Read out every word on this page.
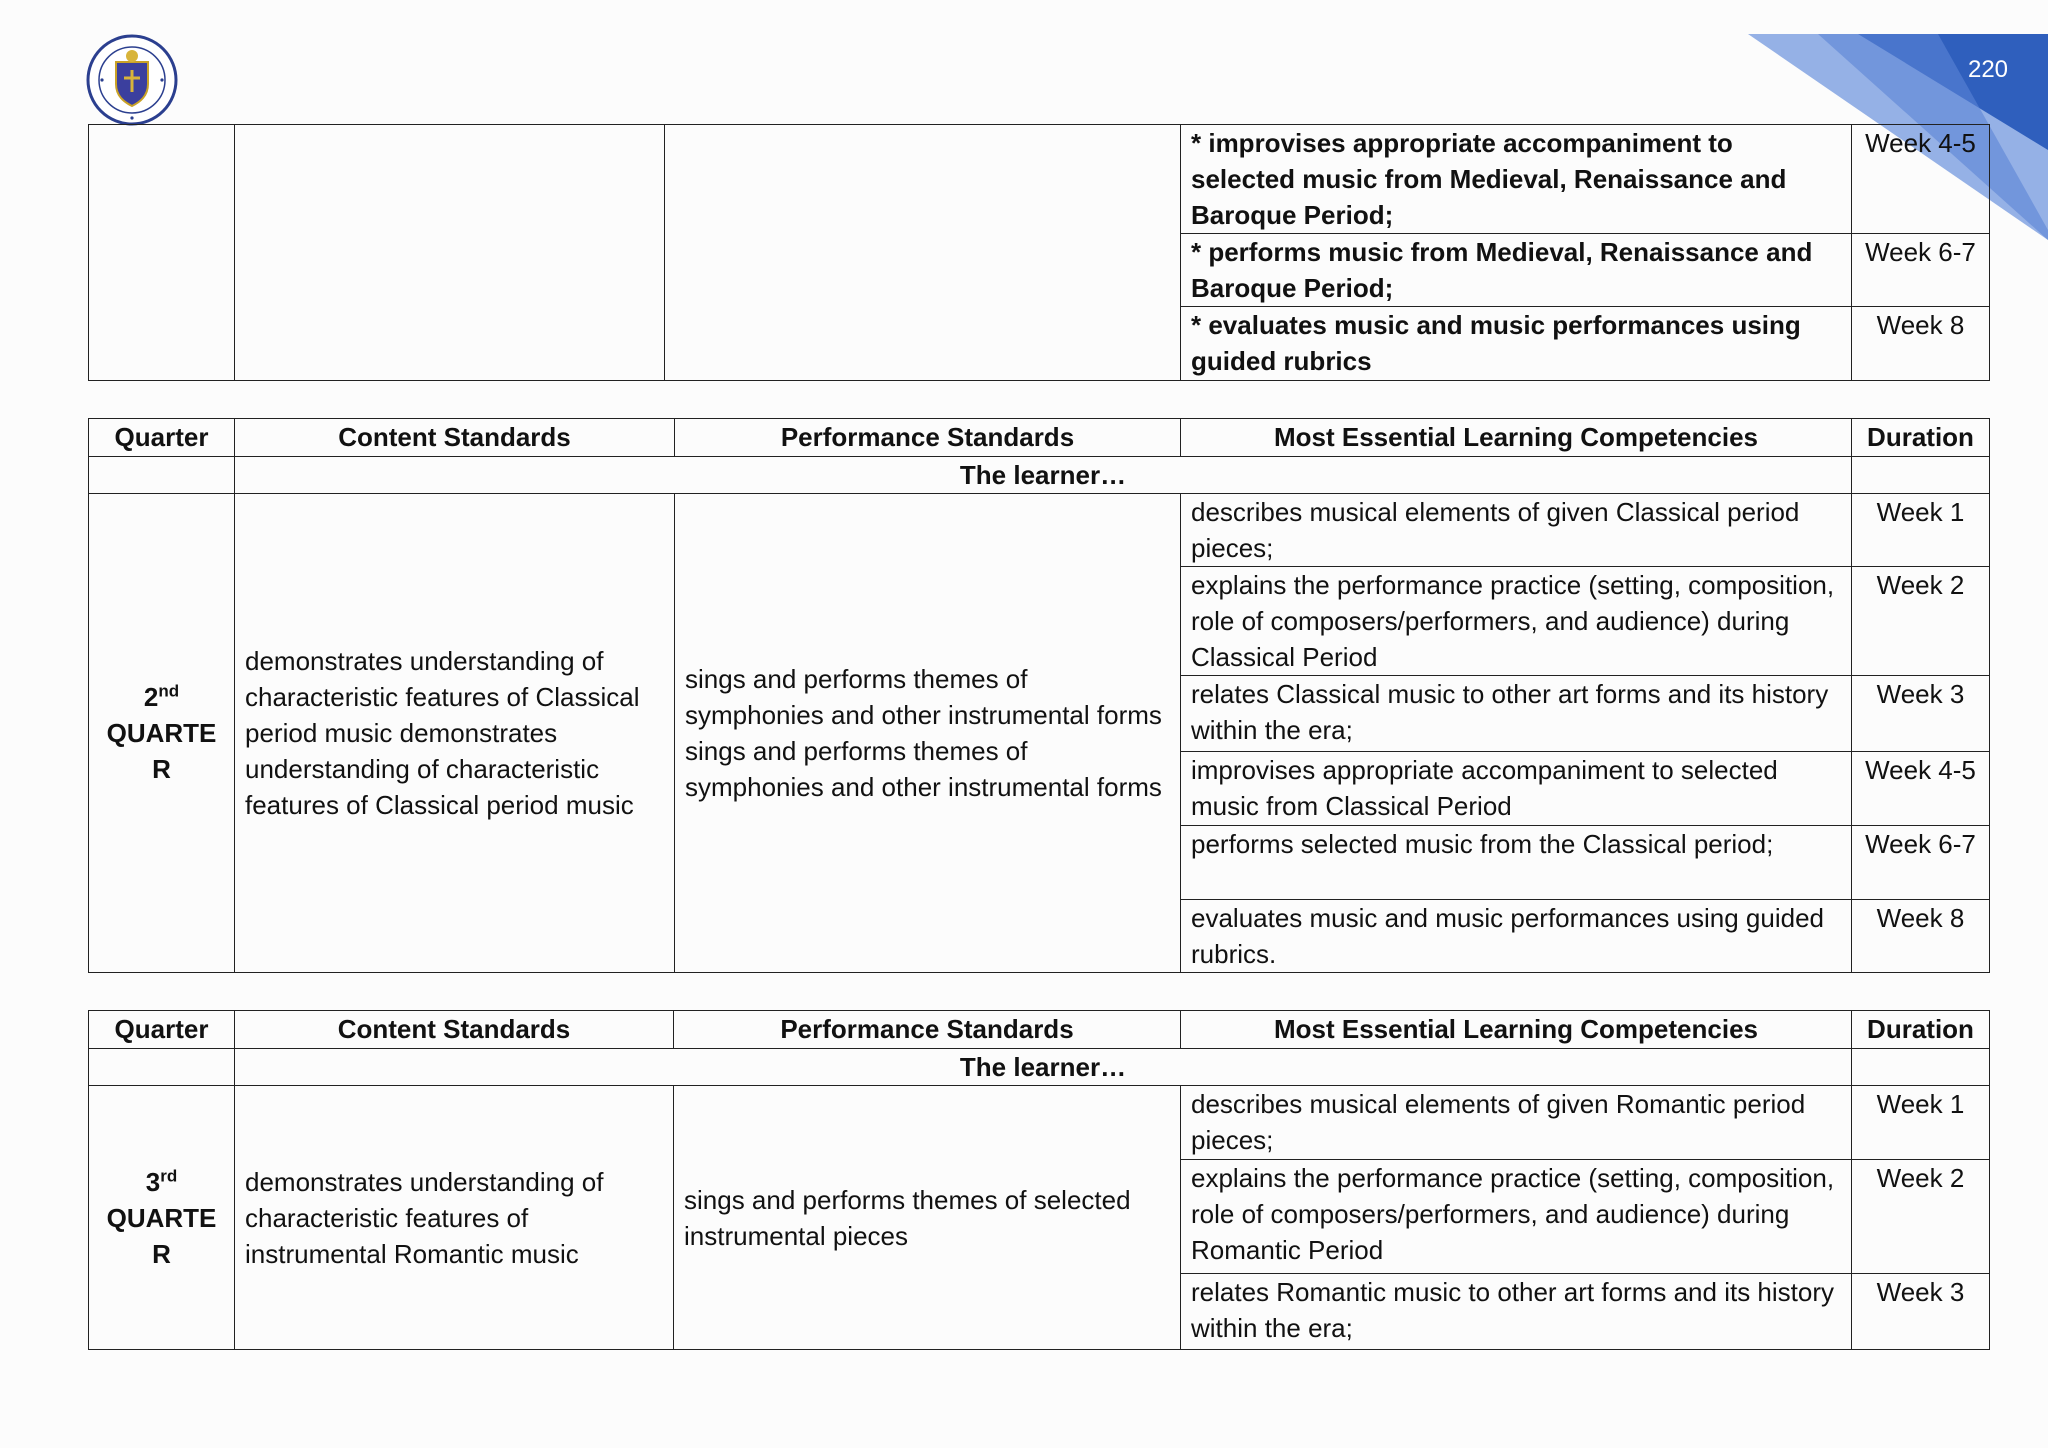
220
			* improvises appropriate accompaniment to selected music from Medieval, Renaissance and Baroque Period;	Week 4-5
			* performs music from Medieval, Renaissance and Baroque Period;	Week 6-7
			* evaluates music and music performances using guided rubrics	Week 8
Quarter	Content Standards	Performance Standards	Most Essential Learning Competencies	Duration
	The learner…			
2nd
QUARTER	demonstrates understanding of characteristic features of Classical period music demonstrates understanding of characteristic features of Classical period music	sings and performs themes of symphonies and other instrumental forms sings and performs themes of symphonies and other instrumental forms	describes musical elements of given Classical period pieces;	Week 1
			explains the performance practice (setting, composition, role of composers/performers, and audience) during Classical Period	Week 2
			relates Classical music to other art forms and its history within the era;	Week 3
			improvises appropriate accompaniment to selected music from Classical Period	Week 4-5
			performs selected music from the Classical period;	Week 6-7
			evaluates music and music performances using guided rubrics.	Week 8
Quarter	Content Standards	Performance Standards	Most Essential Learning Competencies	Duration
	The learner…			
3rd
QUARTER	demonstrates understanding of characteristic features of instrumental Romantic music	sings and performs themes of selected instrumental pieces	describes musical elements of given Romantic period pieces;	Week 1
			explains the performance practice (setting, composition, role of composers/performers, and audience) during Romantic Period	Week 2
			relates Romantic music to other art forms and its history within the era;	Week 3
